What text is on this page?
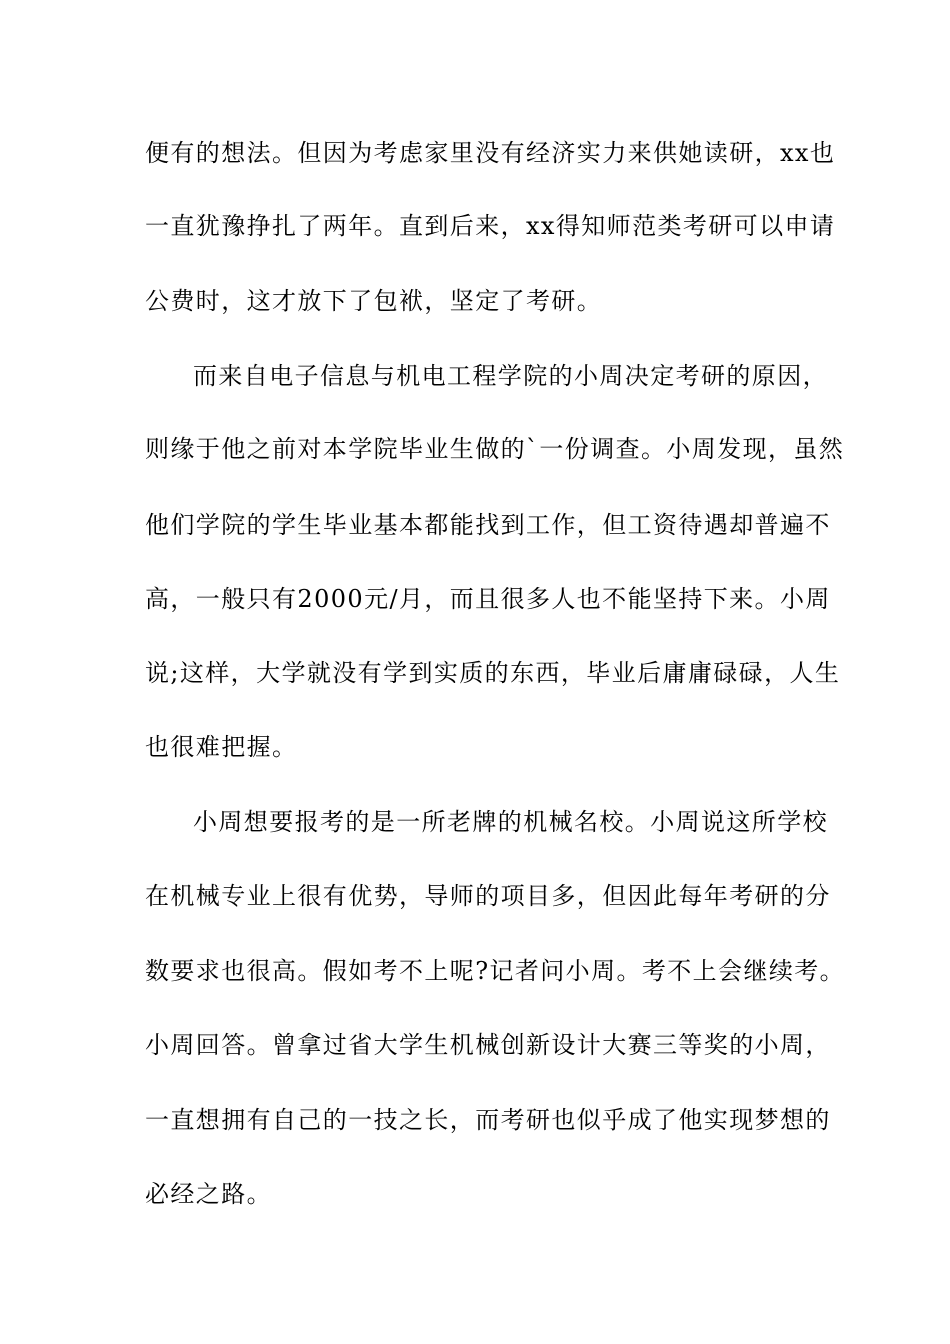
便有的想法。但因为考虑家里没有经济实力来供她读研，xx也
一直犹豫挣扎了两年。直到后来，xx得知师范类考研可以申请
公费时，这才放下了包袱，坚定了考研。
而来自电子信息与机电工程学院的小周决定考研的原因，
则缘于他之前对本学院毕业生做的`一份调查。小周发现，虽然
他们学院的学生毕业基本都能找到工作，但工资待遇却普遍不
高，一般只有2000元/月，而且很多人也不能坚持下来。小周
说;这样，大学就没有学到实质的东西，毕业后庸庸碌碌，人生
也很难把握。
小周想要报考的是一所老牌的机械名校。小周说这所学校
在机械专业上很有优势，导师的项目多，但因此每年考研的分
数要求也很高。假如考不上呢?记者问小周。考不上会继续考。
小周回答。曾拿过省大学生机械创新设计大赛三等奖的小周，
一直想拥有自己的一技之长，而考研也似乎成了他实现梦想的
必经之路。
